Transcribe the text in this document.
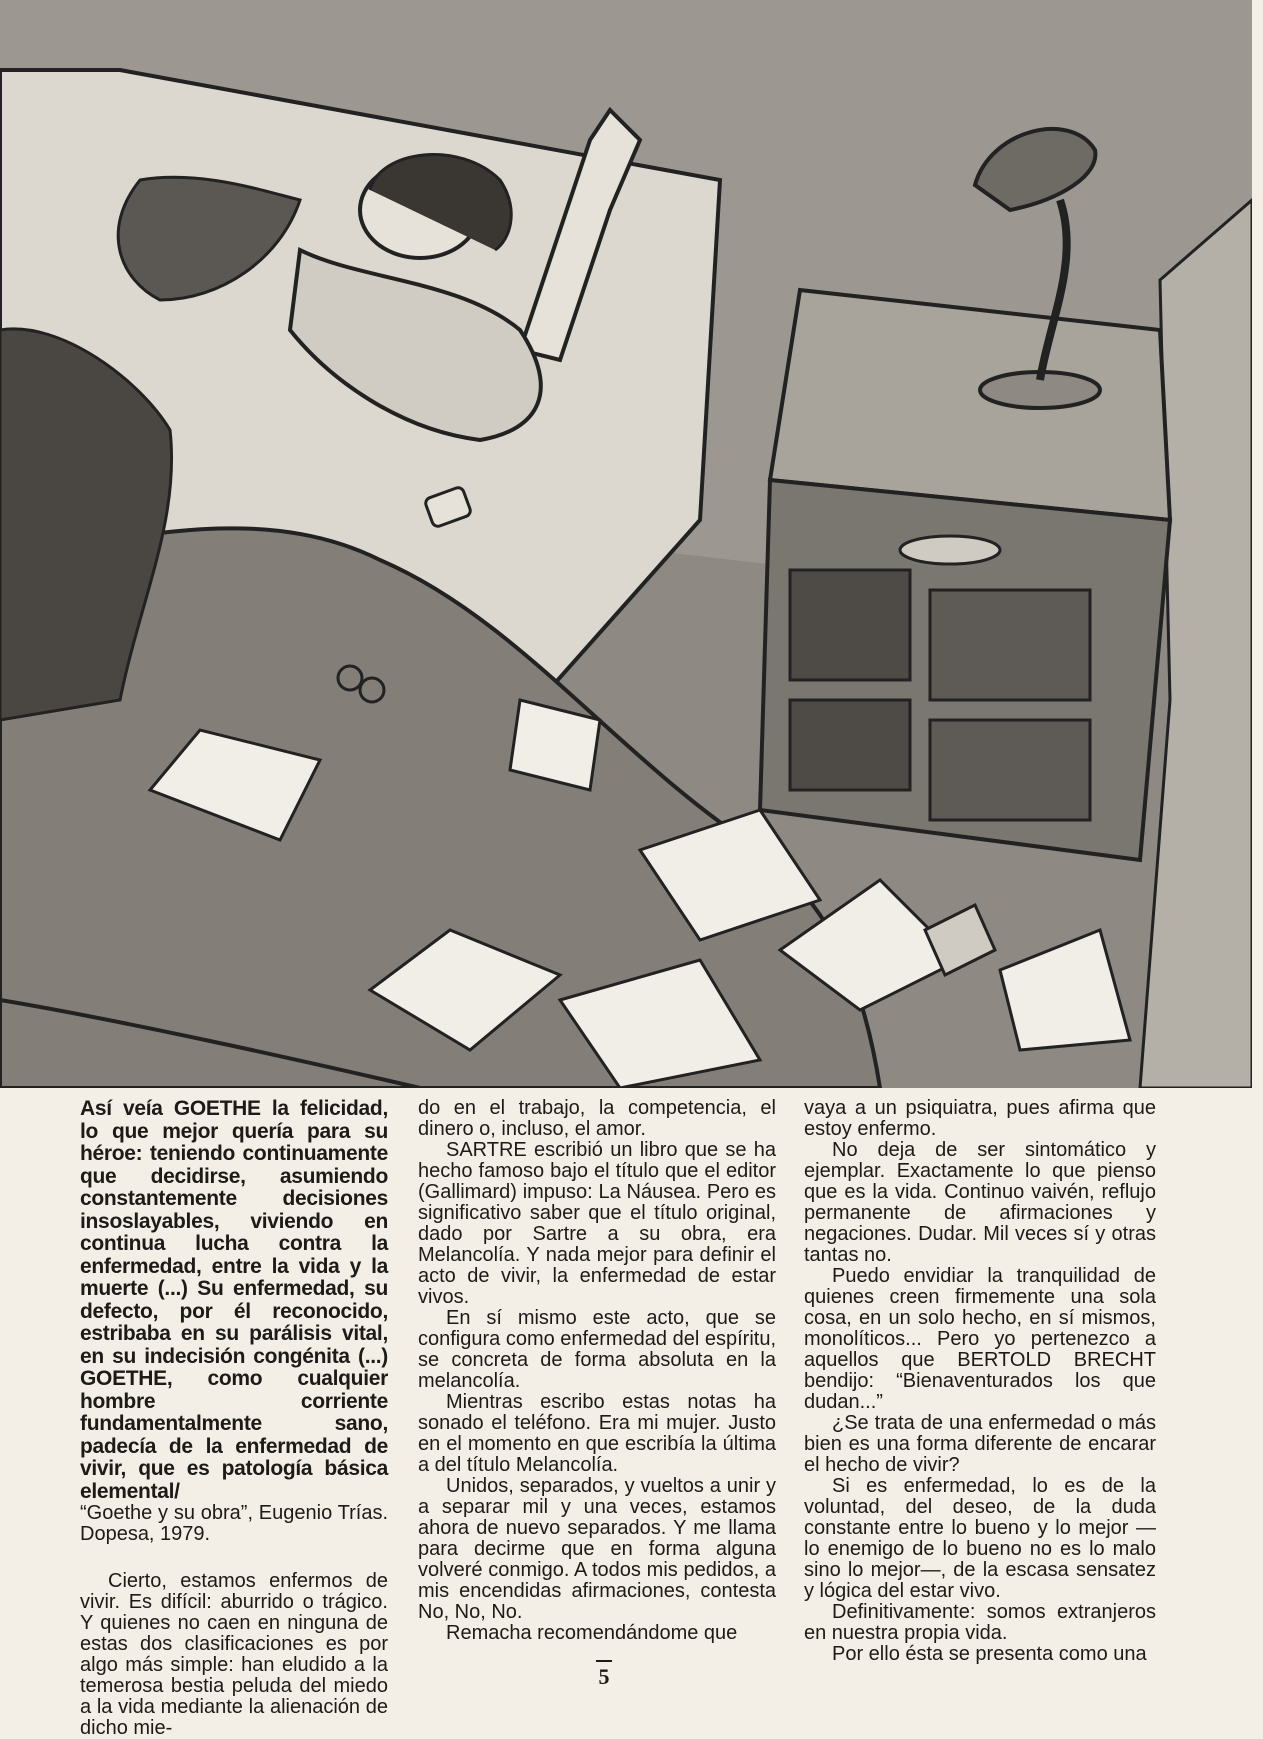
Así veía GOETHE la felicidad, lo que mejor quería para su héroe: teniendo continuamente que decidirse, asumiendo constantemente decisiones insoslayables, viviendo en continua lucha contra la enfermedad, entre la vida y la muerte (...) Su enfermedad, su defecto, por él reconocido, estribaba en su parálisis vital, en su indecisión congénita (...) GOETHE, como cualquier hombre corriente fundamentalmente sano, padecía de la enfermedad de vivir, que es patología básica elemental/

“Goethe y su obra”, Eugenio Trías. Dopesa, 1979.

Cierto, estamos enfermos de vivir. Es difícil: aburrido o trágico. Y quienes no caen en ninguna de estas dos clasificaciones es por algo más simple: han eludido a la temerosa bestia peluda del miedo a la vida mediante la alienación de dicho mie-

do en el trabajo, la competencia, el dinero o, incluso, el amor.

SARTRE escribió un libro que se ha hecho famoso bajo el título que el editor (Gallimard) impuso: La Náusea. Pero es significativo saber que el título original, dado por Sartre a su obra, era Melancolía. Y nada mejor para definir el acto de vivir, la enfermedad de estar vivos.

En sí mismo este acto, que se configura como enfermedad del espíritu, se concreta de forma absoluta en la melancolía.

Mientras escribo estas notas ha sonado el teléfono. Era mi mujer. Justo en el momento en que escribía la última a del título Melancolía.

Unidos, separados, y vueltos a unir y a separar mil y una veces, estamos ahora de nuevo separados. Y me llama para decirme que en forma alguna volveré conmigo. A todos mis pedidos, a mis encendidas afirmaciones, contesta No, No, No.

Remacha recomendándome que

vaya a un psiquiatra, pues afirma que estoy enfermo.

No deja de ser sintomático y ejemplar. Exactamente lo que pienso que es la vida. Continuo vaivén, reflujo permanente de afirmaciones y negaciones. Dudar. Mil veces sí y otras tantas no.

Puedo envidiar la tranquilidad de quienes creen firmemente una sola cosa, en un solo hecho, en sí mismos, monolíticos... Pero yo pertenezco a aquellos que BERTOLD BRECHT bendijo: “Bienaventurados los que dudan...”

¿Se trata de una enfermedad o más bien es una forma diferente de encarar el hecho de vivir?

Si es enfermedad, lo es de la voluntad, del deseo, de la duda constante entre lo bueno y lo mejor —lo enemigo de lo bueno no es lo malo sino lo mejor—, de la escasa sensatez y lógica del estar vivo.

Definitivamente: somos extranjeros en nuestra propia vida.

Por ello ésta se presenta como una

5
